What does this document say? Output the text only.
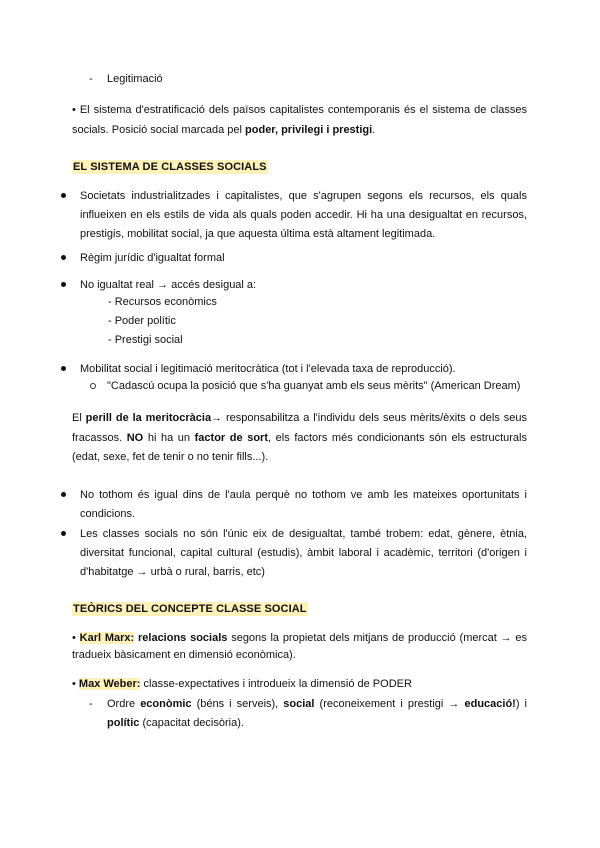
- Legitimació
• El sistema d'estratificació dels països capitalistes contemporanis és el sistema de classes
socials. Posició social marcada pel poder, privilegi i prestigi.
EL SISTEMA DE CLASSES SOCIALS
Societats industrialitzades i capitalistes, que s'agrupen segons els recursos, els quals
influeixen en els estils de vida als quals poden accedir. Hi ha una desigualtat en recursos,
prestigis, mobilitat social, ja que aquesta última està altament legitimada.
Règim jurídic d'igualtat formal
No igualtat real → accés desigual a:
- Recursos econòmics
- Poder polític
- Prestigi social
Mobilitat social i legitimació meritocràtica (tot i l'elevada taxa de reproducció).
"Cadascú ocupa la posició que s'ha guanyat amb els seus mèrits" (American Dream)
El perill de la meritocràcia→ responsabilitza a l'individu dels seus mèrits/èxits o dels seus
fracassos. NO hi ha un factor de sort, els factors més condicionants són els estructurals
(edat, sexe, fet de tenir o no tenir fills...).
No tothom és igual dins de l'aula perquè no tothom ve amb les mateixes oportunitats i
condicions.
Les classes socials no són l'únic eix de desigualtat, també trobem: edat, gènere, ètnia,
diversitat funcional, capital cultural (estudis), àmbit laboral i acadèmic, territori (d'origen i
d'habitatge → urbà o rural, barris, etc)
TEÒRICS DEL CONCEPTE CLASSE SOCIAL
• Karl Marx: relacions socials segons la propietat dels mitjans de producció (mercat → es
tradueix bàsicament en dimensió econòmica).
• Max Weber: classe-expectatives i introdueix la dimensió de PODER
- Ordre econòmic (béns i serveis), social (reconeixement i prestigi → educació!) i
polític (capacitat decisòria).
